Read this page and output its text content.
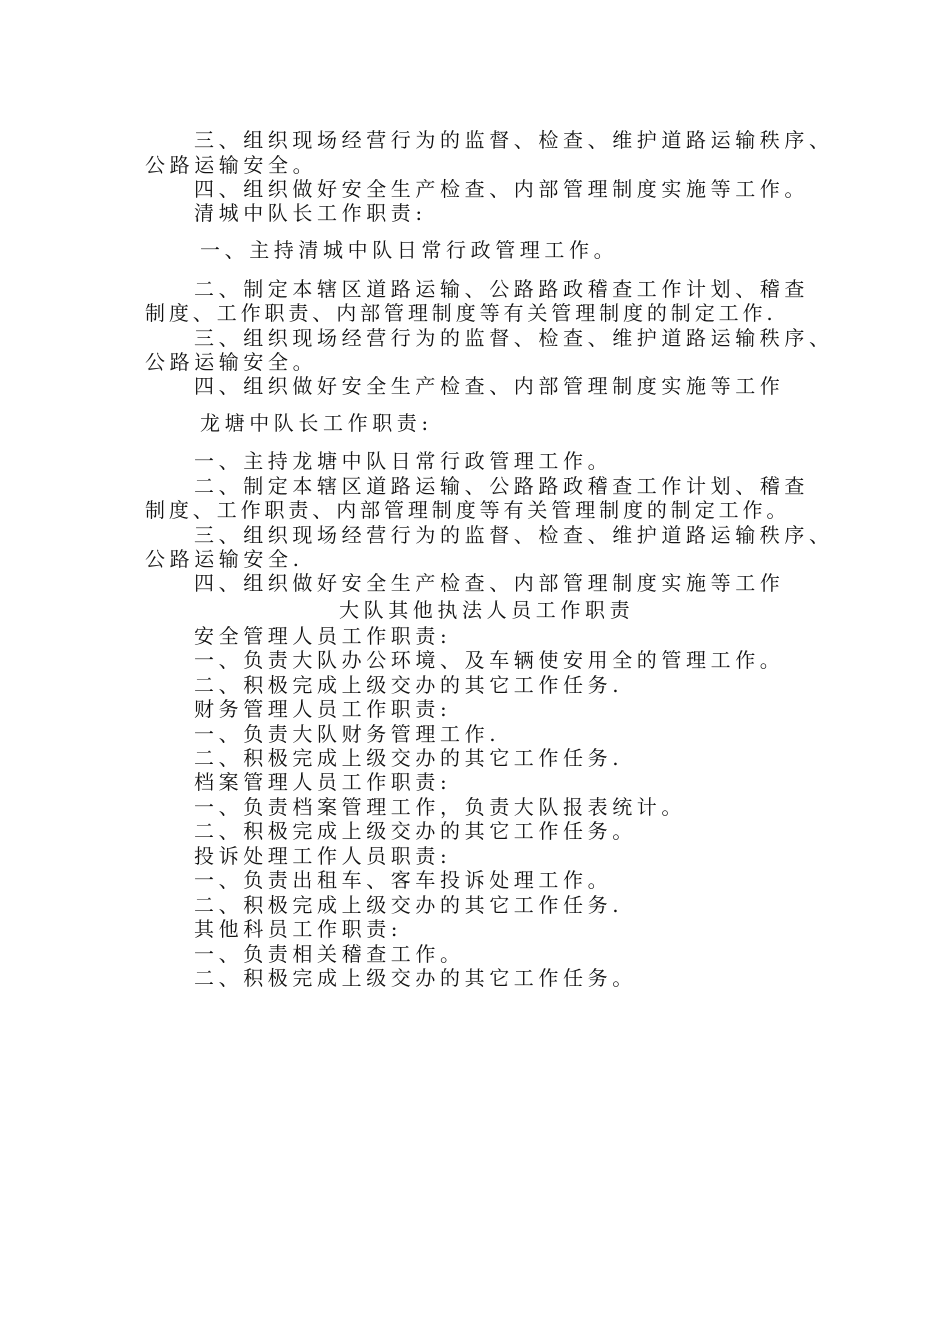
三、组织现场经营行为的监督、检查、维护道路运输秩序、
公路运输安全。
四、组织做好安全生产检查、内部管理制度实施等工作。
清城中队长工作职责:
一、主持清城中队日常行政管理工作。
二、制定本辖区道路运输、公路路政稽查工作计划、稽查
制度、工作职责、内部管理制度等有关管理制度的制定工作.
三、组织现场经营行为的监督、检查、维护道路运输秩序、
公路运输安全。
四、组织做好安全生产检查、内部管理制度实施等工作
龙塘中队长工作职责:
一、主持龙塘中队日常行政管理工作。
二、制定本辖区道路运输、公路路政稽查工作计划、稽查
制度、工作职责、内部管理制度等有关管理制度的制定工作。
三、组织现场经营行为的监督、检查、维护道路运输秩序、
公路运输安全.
四、组织做好安全生产检查、内部管理制度实施等工作
大队其他执法人员工作职责
安全管理人员工作职责:
一、负责大队办公环境、及车辆使安用全的管理工作。
二、积极完成上级交办的其它工作任务.
财务管理人员工作职责:
一、负责大队财务管理工作.
二、积极完成上级交办的其它工作任务.
档案管理人员工作职责:
一、负责档案管理工作，负责大队报表统计。
二、积极完成上级交办的其它工作任务。
投诉处理工作人员职责:
一、负责出租车、客车投诉处理工作。
二、积极完成上级交办的其它工作任务.
其他科员工作职责:
一、负责相关稽查工作。
二、积极完成上级交办的其它工作任务。
